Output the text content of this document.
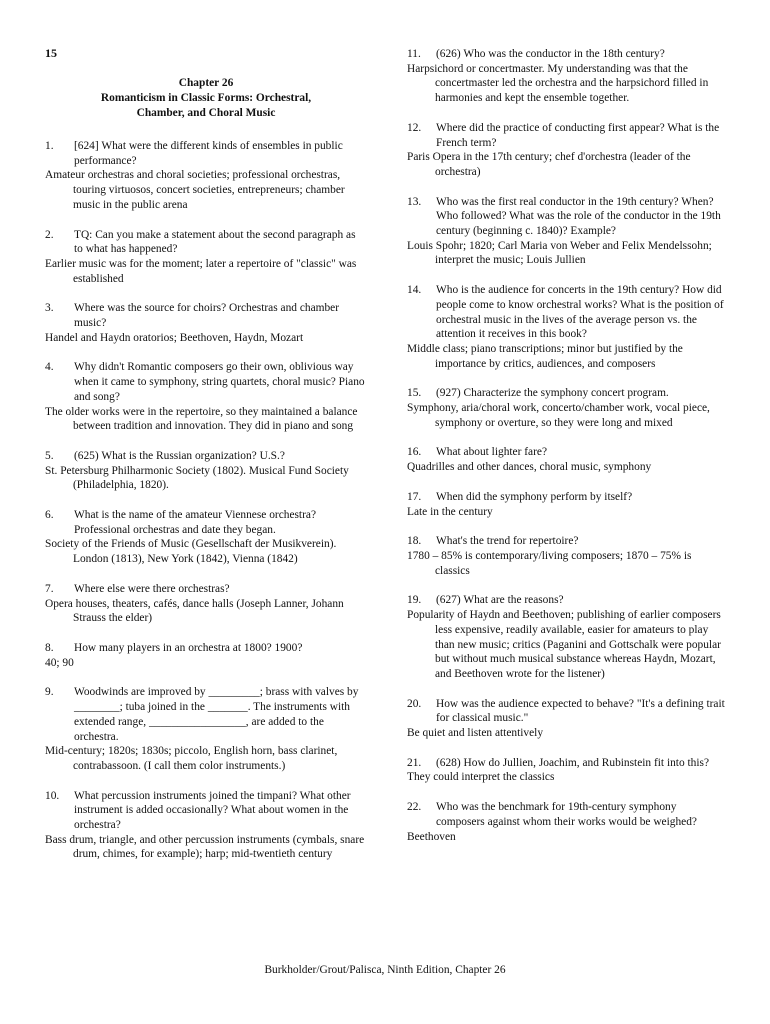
15
Chapter 26
Romanticism in Classic Forms: Orchestral,
Chamber, and Choral Music
1.	[624] What were the different kinds of ensembles in public performance?
Amateur orchestras and choral societies; professional orchestras, touring virtuosos, concert societies, entrepreneurs; chamber music in the public arena
2.	TQ: Can you make a statement about the second paragraph as to what has happened?
Earlier music was for the moment; later a repertoire of "classic" was established
3.	Where was the source for choirs? Orchestras and chamber music?
Handel and Haydn oratorios; Beethoven, Haydn, Mozart
4.	Why didn't Romantic composers go their own, oblivious way when it came to symphony, string quartets, choral music? Piano and song?
The older works were in the repertoire, so they maintained a balance between tradition and innovation. They did in piano and song
5.	(625) What is the Russian organization? U.S.?
St. Petersburg Philharmonic Society (1802). Musical Fund Society (Philadelphia, 1820).
6.	What is the name of the amateur Viennese orchestra? Professional orchestras and date they began.
Society of the Friends of Music (Gesellschaft der Musikverein). London (1813), New York (1842), Vienna (1842)
7.	Where else were there orchestras?
Opera houses, theaters, cafés, dance halls (Joseph Lanner, Johann Strauss the elder)
8.	How many players in an orchestra at 1800? 1900?
40; 90
9.	Woodwinds are improved by _________; brass with valves by ________; tuba joined in the _______. The instruments with extended range, _________________, are added to the orchestra.
Mid-century; 1820s; 1830s; piccolo, English horn, bass clarinet, contrabassoon. (I call them color instruments.)
10.	What percussion instruments joined the timpani? What other instrument is added occasionally? What about women in the orchestra?
Bass drum, triangle, and other percussion instruments (cymbals, snare drum, chimes, for example); harp; mid-twentieth century
11.	(626) Who was the conductor in the 18th century?
Harpsichord or concertmaster. My understanding was that the concertmaster led the orchestra and the harpsichord filled in harmonies and kept the ensemble together.
12.	Where did the practice of conducting first appear? What is the French term?
Paris Opera in the 17th century; chef d'orchestra (leader of the orchestra)
13.	Who was the first real conductor in the 19th century? When? Who followed? What was the role of the conductor in the 19th century (beginning c. 1840)? Example?
Louis Spohr; 1820; Carl Maria von Weber and Felix Mendelssohn; interpret the music; Louis Jullien
14.	Who is the audience for concerts in the 19th century? How did people come to know orchestral works? What is the position of orchestral music in the lives of the average person vs. the attention it receives in this book?
Middle class; piano transcriptions; minor but justified by the importance by critics, audiences, and composers
15.	(927) Characterize the symphony concert program.
Symphony, aria/choral work, concerto/chamber work, vocal piece, symphony or overture, so they were long and mixed
16.	What about lighter fare?
Quadrilles and other dances, choral music, symphony
17.	When did the symphony perform by itself?
Late in the century
18.	What's the trend for repertoire?
1780 – 85% is contemporary/living composers; 1870 – 75% is classics
19.	(627) What are the reasons?
Popularity of Haydn and Beethoven; publishing of earlier composers less expensive, readily available, easier for amateurs to play than new music; critics (Paganini and Gottschalk were popular but without much musical substance whereas Haydn, Mozart, and Beethoven wrote for the listener)
20.	How was the audience expected to behave? "It's a defining trait for classical music."
Be quiet and listen attentively
21.	(628) How do Jullien, Joachim, and Rubinstein fit into this?
They could interpret the classics
22.	Who was the benchmark for 19th-century symphony composers against whom their works would be weighed?
Beethoven
Burkholder/Grout/Palisca, Ninth Edition, Chapter 26
